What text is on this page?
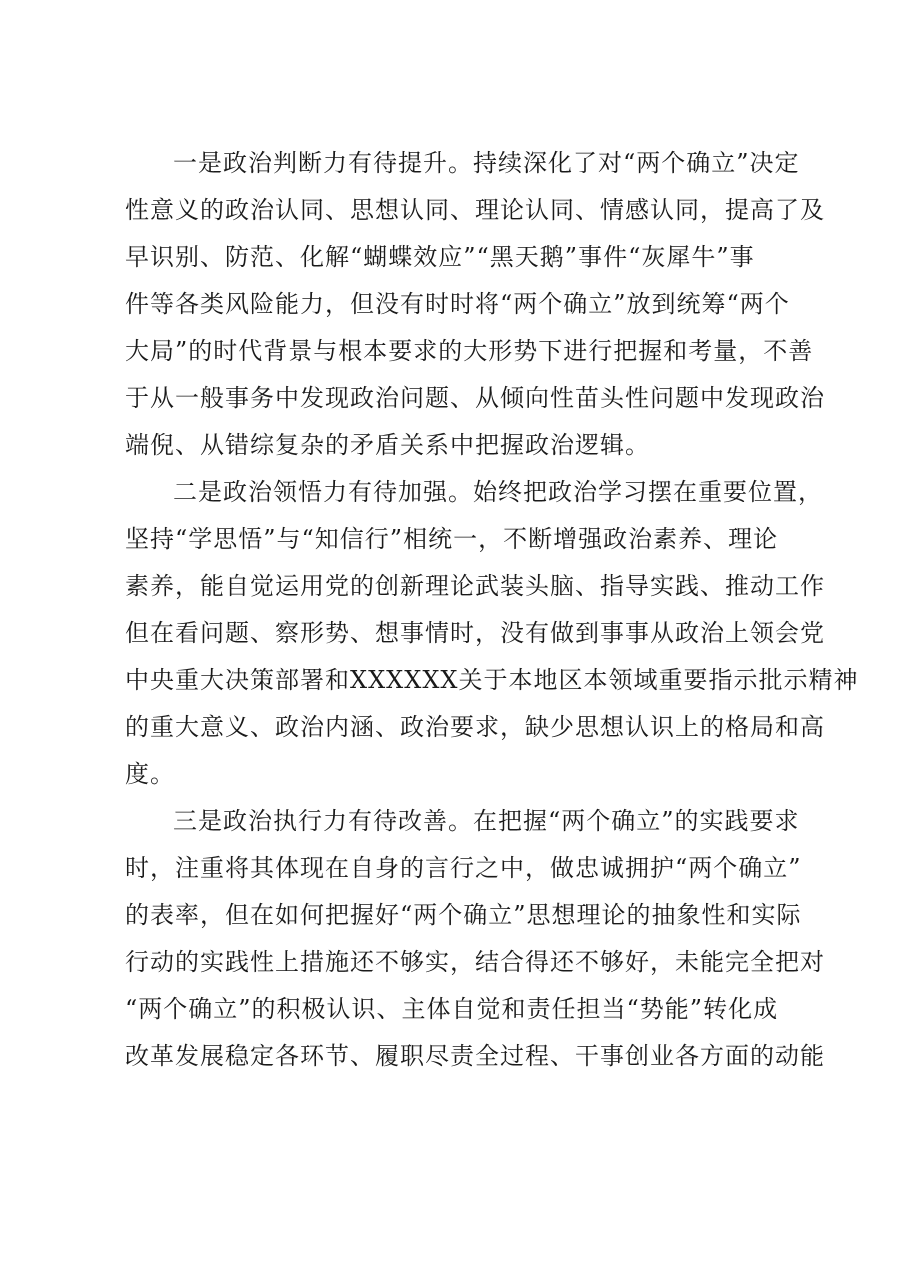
一是政治判断力有待提升。持续深化了对“两个确立”决定
性意义的政治认同、思想认同、理论认同、情感认同，提高了及
早识别、防范、化解“蝴蝶效应”“黑天鹅”事件“灰犀牛”事
件等各类风险能力，但没有时时将“两个确立”放到统筹“两个
大局”的时代背景与根本要求的大形势下进行把握和考量，不善
于从一般事务中发现政治问题、从倾向性苗头性问题中发现政治
端倪、从错综复杂的矛盾关系中把握政治逻辑。
二是政治领悟力有待加强。始终把政治学习摆在重要位置，
坚持“学思悟”与“知信行”相统一，不断增强政治素养、理论
素养，能自觉运用党的创新理论武装头脑、指导实践、推动工作
但在看问题、察形势、想事情时，没有做到事事从政治上领会党
中央重大决策部署和XXXXXX关于本地区本领域重要指示批示精神
的重大意义、政治内涵、政治要求，缺少思想认识上的格局和高
度。
三是政治执行力有待改善。在把握“两个确立”的实践要求
时，注重将其体现在自身的言行之中，做忠诚拥护“两个确立”
的表率，但在如何把握好“两个确立”思想理论的抽象性和实际
行动的实践性上措施还不够实，结合得还不够好，未能完全把对
“两个确立”的积极认识、主体自觉和责任担当“势能”转化成
改革发展稳定各环节、履职尽责全过程、干事创业各方面的动能
